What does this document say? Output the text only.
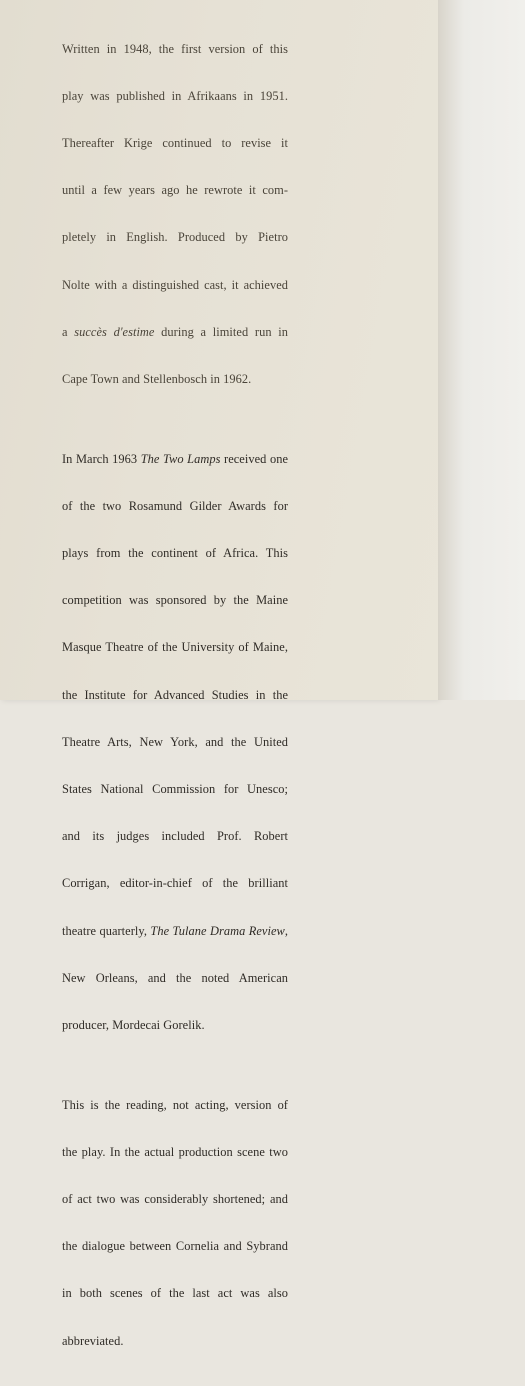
Written in 1948, the first version of this

play was published in Afrikaans in 1951.

Thereafter Krige continued to revise it

until a few years ago he rewrote it com-

pletely in English. Produced by Pietro

Nolte with a distinguished cast, it achieved

a succès d'estime during a limited run in

Cape Town and Stellenbosch in 1962.

In March 1963 The Two Lamps received one

of the two Rosamund Gilder Awards for

plays from the continent of Africa. This

competition was sponsored by the Maine

Masque Theatre of the University of Maine,

the Institute for Advanced Studies in the

Theatre Arts, New York, and the United

States National Commission for Unesco;

and its judges included Prof. Robert

Corrigan, editor-in-chief of the brilliant

theatre quarterly, The Tulane Drama Review,

New Orleans, and the noted American

producer, Mordecai Gorelik.

This is the reading, not acting, version of

the play. In the actual production scene two

of act two was considerably shortened; and

the dialogue between Cornelia and Sybrand

in both scenes of the last act was also

abbreviated.
